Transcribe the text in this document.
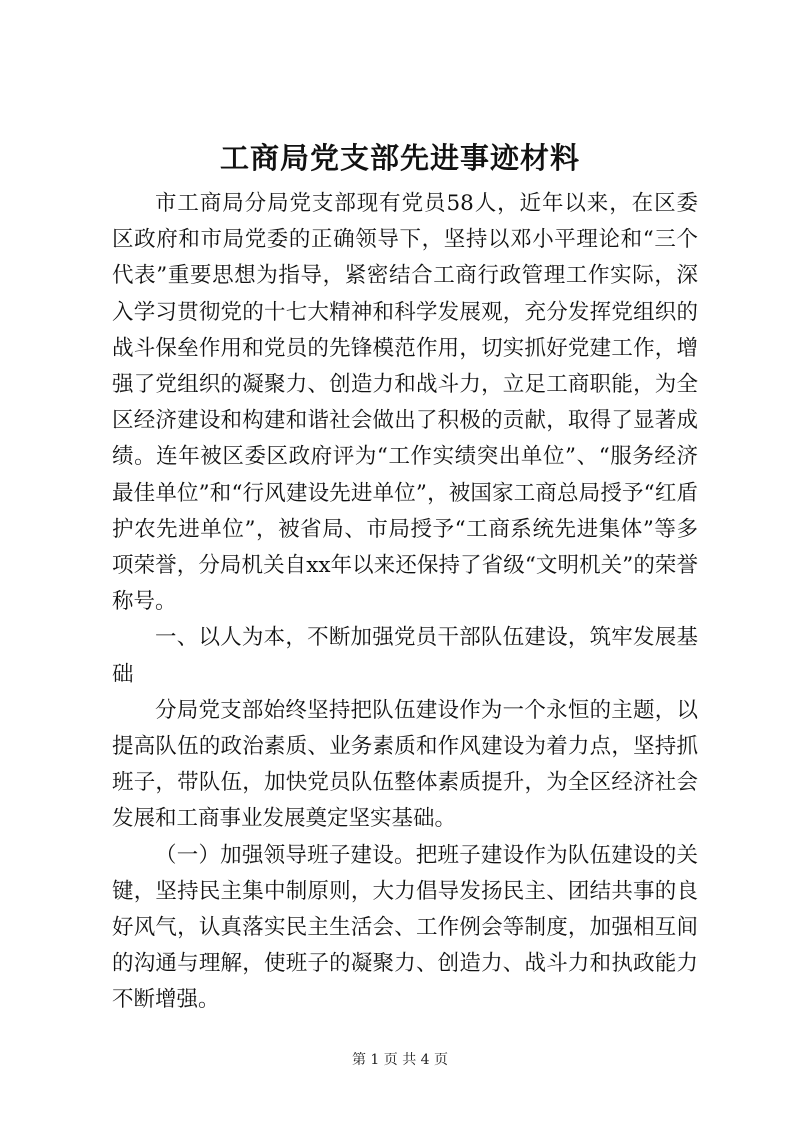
工商局党支部先进事迹材料

市工商局分局党支部现有党员58人，近年以来，在区委区政府和市局党委的正确领导下，坚持以邓小平理论和“三个代表”重要思想为指导，紧密结合工商行政管理工作实际，深入学习贯彻党的十七大精神和科学发展观，充分发挥党组织的战斗保垒作用和党员的先锋模范作用，切实抓好党建工作，增强了党组织的凝聚力、创造力和战斗力，立足工商职能，为全区经济建设和构建和谐社会做出了积极的贡献，取得了显著成绩。连年被区委区政府评为“工作实绩突出单位”、“服务经济最佳单位”和“行风建设先进单位”，被国家工商总局授予“红盾护农先进单位”，被省局、市局授予“工商系统先进集体”等多项荣誉，分局机关自xx年以来还保持了省级“文明机关”的荣誉称号。

一、以人为本，不断加强党员干部队伍建设，筑牢发展基础

分局党支部始终坚持把队伍建设作为一个永恒的主题，以提高队伍的政治素质、业务素质和作风建设为着力点，坚持抓班子，带队伍，加快党员队伍整体素质提升，为全区经济社会发展和工商事业发展奠定坚实基础。

（一）加强领导班子建设。把班子建设作为队伍建设的关键，坚持民主集中制原则，大力倡导发扬民主、团结共事的良好风气，认真落实民主生活会、工作例会等制度，加强相互间的沟通与理解，使班子的凝聚力、创造力、战斗力和执政能力不断增强。

第 1 页 共 4 页
